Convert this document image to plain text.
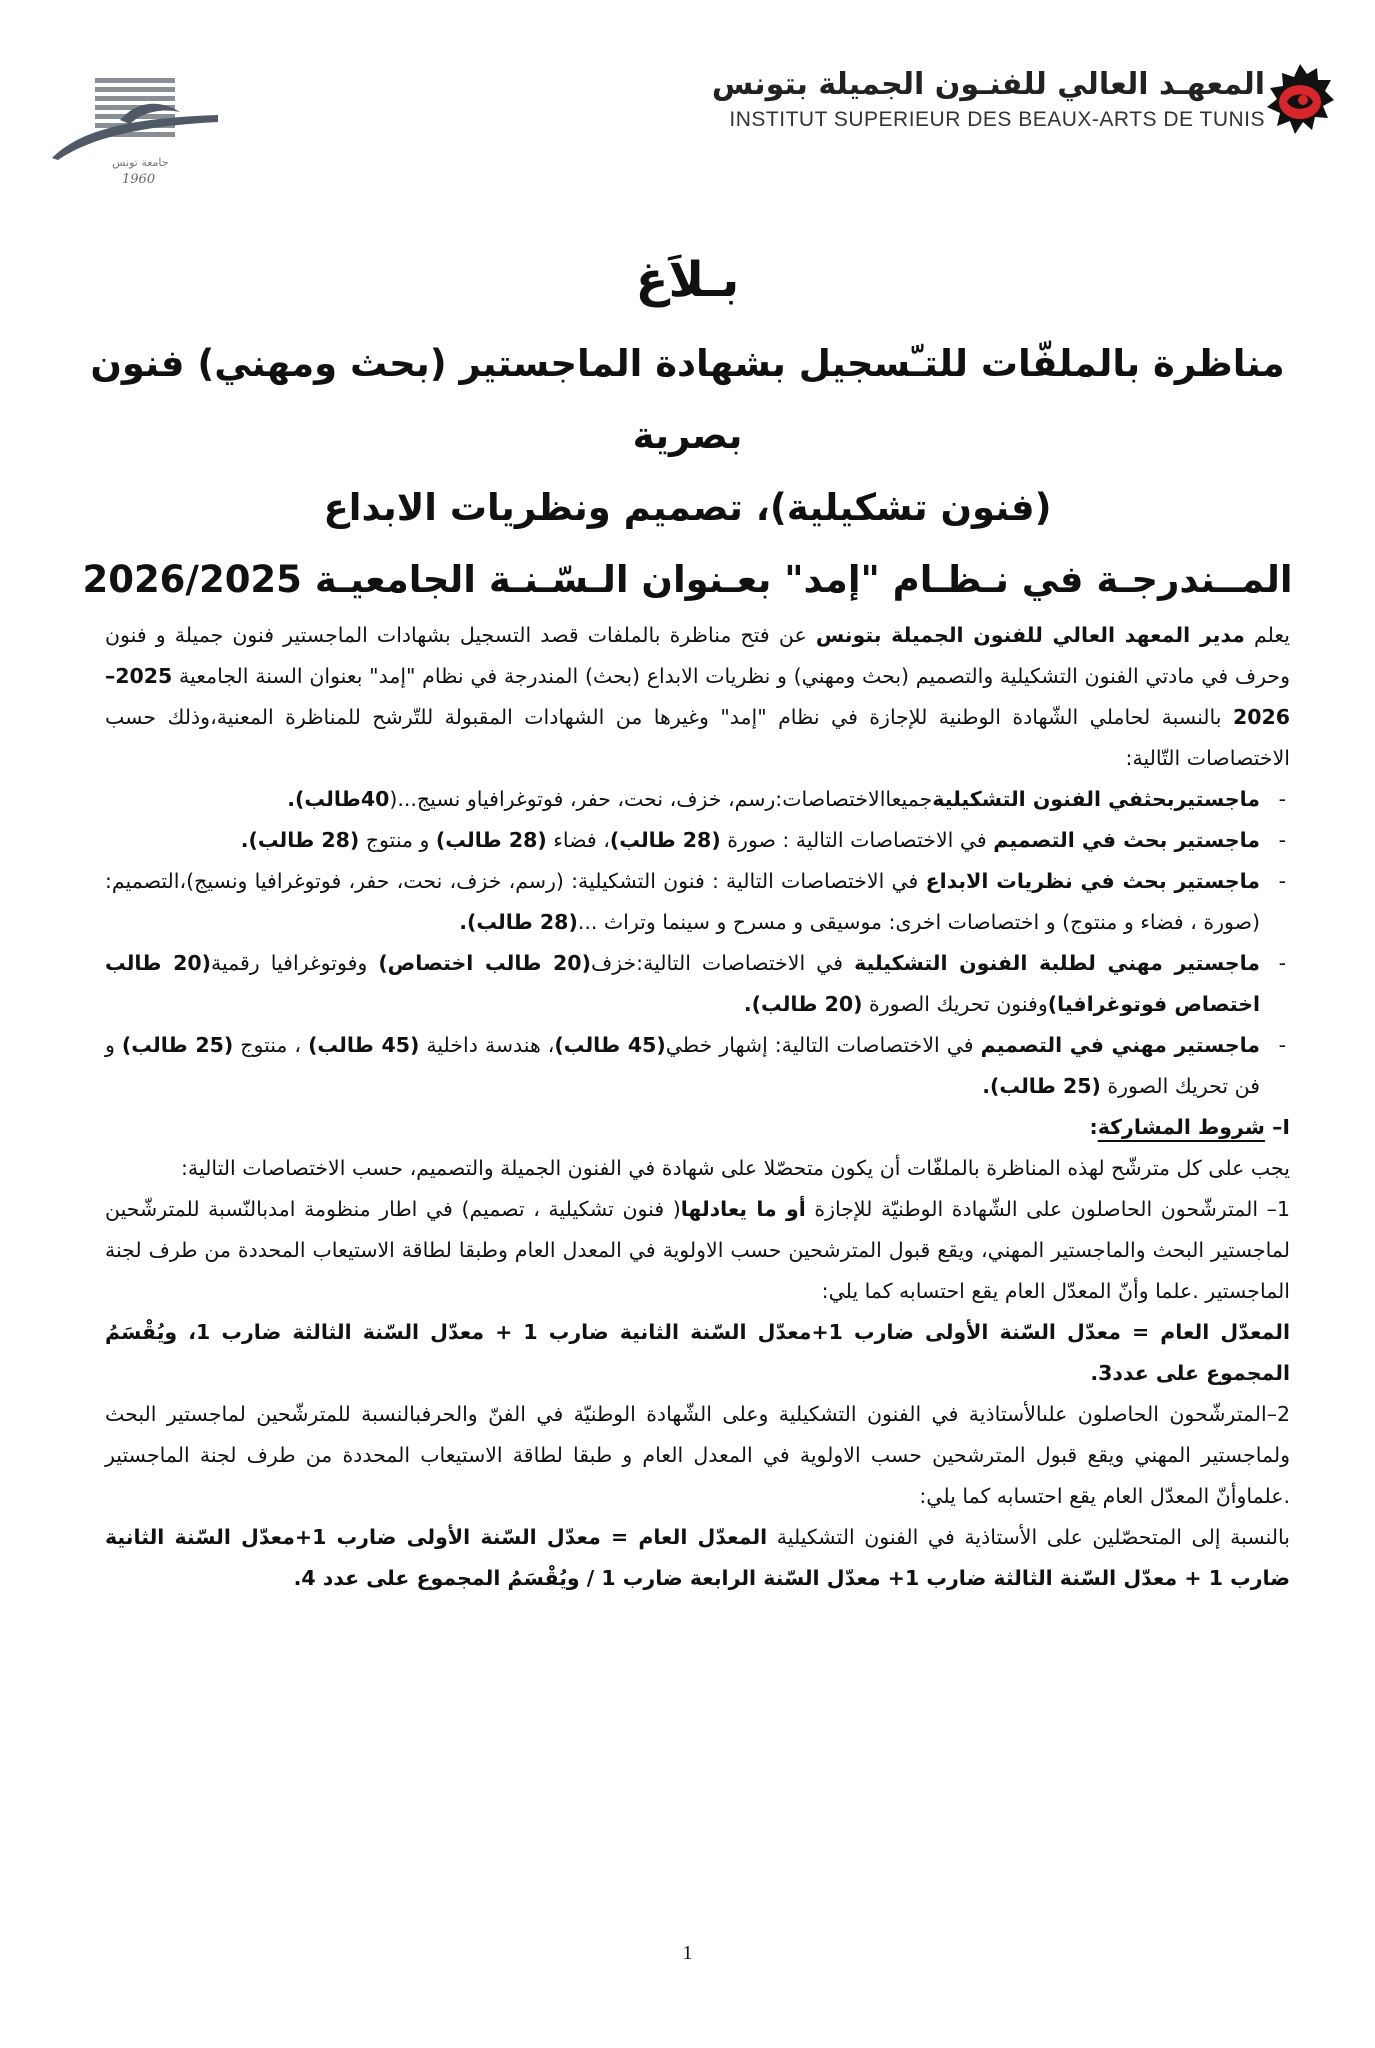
المعهـد العالي للفنـون الجميلة بتونس
INSTITUT SUPERIEUR DES BEAUX-ARTS DE TUNIS
جامعة تونس
1960
بـلاَغ
مناظرة بالملفّات للتـّسجيل بشهادة الماجستير (بحث ومهني) فنون بصرية
(فنون تشكيلية)، تصميم ونظريات الابداع
المــندرجـة في نـظـام "إمد" بعـنوان الـسّـنـة الجامعيـة 2026/2025

يعلم مدير المعهد العالي للفنون الجميلة بتونس عن فتح مناظرة بالملفات قصد التسجيل بشهادات الماجستير فنون جميلة و فنون وحرف في مادتي الفنون التشكيلية والتصميم (بحث ومهني) و نظريات الابداع (بحث) المندرجة في نظام "إمد" بعنوان السنة الجامعية 2025–2026 بالنسبة لحاملي الشّهادة الوطنية للإجازة في نظام "إمد" وغيرها من الشهادات المقبولة للتّرشح للمناظرة المعنية،وذلك حسب الاختصاصات التّالية:

- ماجستيربحثفي الفنون التشكيليةجميعاالاختصاصات:رسم، خزف، نحت، حفر، فوتوغرافياو نسيج...(40طالب).

- ماجستير بحث في التصميم في الاختصاصات التالية : صورة (28 طالب)، فضاء (28 طالب) و منتوج (28 طالب).

- ماجستير بحث في نظريات الابداع في الاختصاصات التالية : فنون التشكيلية: (رسم، خزف، نحت، حفر، فوتوغرافيا ونسيج)،التصميم: (صورة ، فضاء و منتوج) و اختصاصات اخرى: موسيقى و مسرح و سينما وتراث ...(28 طالب).

- ماجستير مهني لطلبة الفنون التشكيلية في الاختصاصات التالية:خزف(20 طالب اختصاص) وفوتوغرافيا رقمية(20 طالب اختصاص فوتوغرافيا)وفنون تحريك الصورة (20 طالب).

- ماجستير مهني في التصميم في الاختصاصات التالية: إشهار خطي(45 طالب)، هندسة داخلية (45 طالب) ، منتوج (25 طالب) و فن تحريك الصورة (25 طالب).

I– شروط المشاركة:

يجب على كل مترشّح لهذه المناظرة بالملفّات أن يكون متحصّلا على شهادة في الفنون الجميلة والتصميم، حسب الاختصاصات التالية:

1– المترشّحون الحاصلون على الشّهادة الوطنيّة للإجازة أو ما يعادلها( فنون تشكيلية ، تصميم) في اطار منظومة امدبالنّسبة للمترشّحين لماجستير البحث والماجستير المهني، ويقع قبول المترشحين حسب الاولوية في المعدل العام وطبقا لطاقة الاستيعاب المحددة من طرف لجنة الماجستير .علما وأنّ المعدّل العام يقع احتسابه كما يلي:

المعدّل العام = معدّل السّنة الأولى ضارب 1+معدّل السّنة الثانية ضارب 1 + معدّل السّنة الثالثة ضارب 1، ويُقْسَمُ المجموع على عدد3.

2–المترشّحون الحاصلون علىالأستاذية في الفنون التشكيلية وعلى الشّهادة الوطنيّة في الفنّ والحرفبالنسبة للمترشّحين لماجستير البحث ولماجستير المهني ويقع قبول المترشحين حسب الاولوية في المعدل العام و طبقا لطاقة الاستيعاب المحددة من طرف لجنة الماجستير .علماوأنّ المعدّل العام يقع احتسابه كما يلي:

بالنسبة إلى المتحصّلين على الأستاذية في الفنون التشكيلية المعدّل العام = معدّل السّنة الأولى ضارب 1+معدّل السّنة الثانية ضارب 1 + معدّل السّنة الثالثة ضارب 1+ معدّل السّنة الرابعة ضارب 1 / ويُقْسَمُ المجموع على عدد 4.

1
